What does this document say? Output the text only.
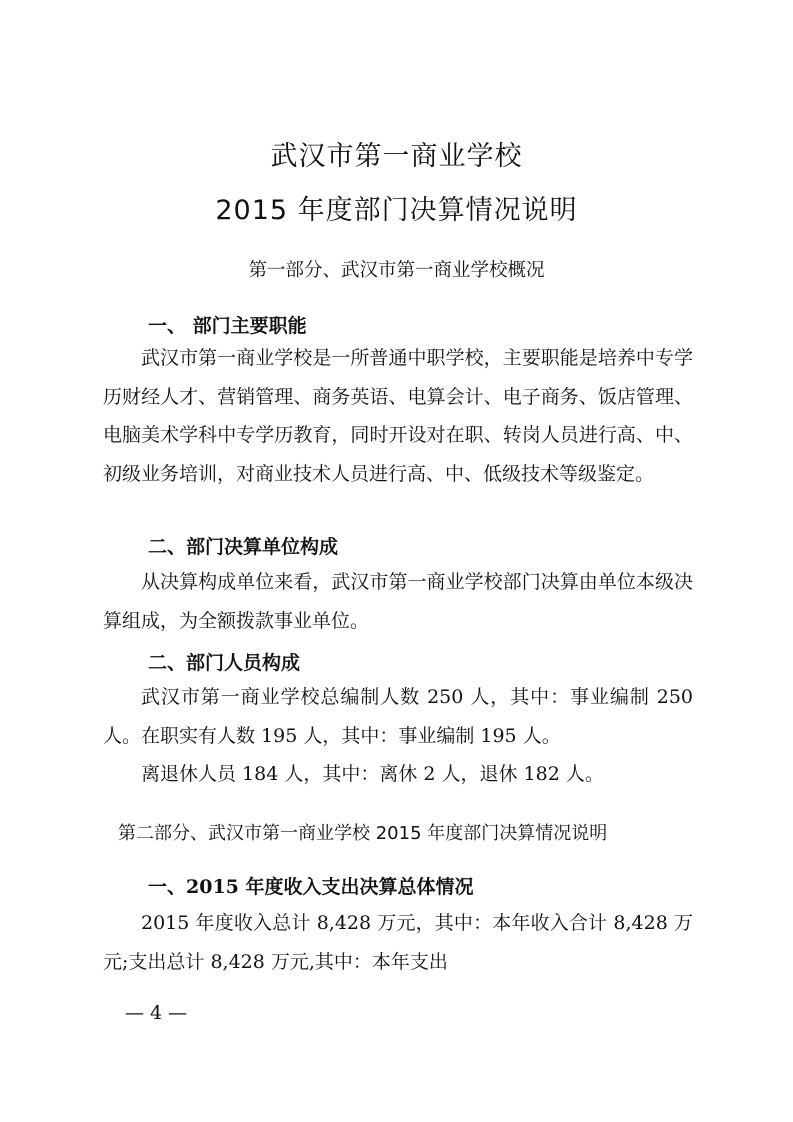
武汉市第一商业学校
2015 年度部门决算情况说明
第一部分、武汉市第一商业学校概况
一、 部门主要职能

武汉市第一商业学校是一所普通中职学校，主要职能是培养中专学历财经人才、营销管理、商务英语、电算会计、电子商务、饭店管理、电脑美术学科中专学历教育，同时开设对在职、转岗人员进行高、中、初级业务培训，对商业技术人员进行高、中、低级技术等级鉴定。

二、部门决算单位构成

从决算构成单位来看，武汉市第一商业学校部门决算由单位本级决算组成，为全额拨款事业单位。

二、部门人员构成

武汉市第一商业学校总编制人数 250 人，其中：事业编制 250 人。在职实有人数 195 人，其中：事业编制 195 人。

离退休人员 184 人，其中：离休 2 人，退休 182 人。

第二部分、武汉市第一商业学校 2015 年度部门决算情况说明
一、2015 年度收入支出决算总体情况

2015 年度收入总计 8,428 万元，其中：本年收入合计 8,428 万元;支出总计 8,428 万元,其中：本年支出

— 4 —
